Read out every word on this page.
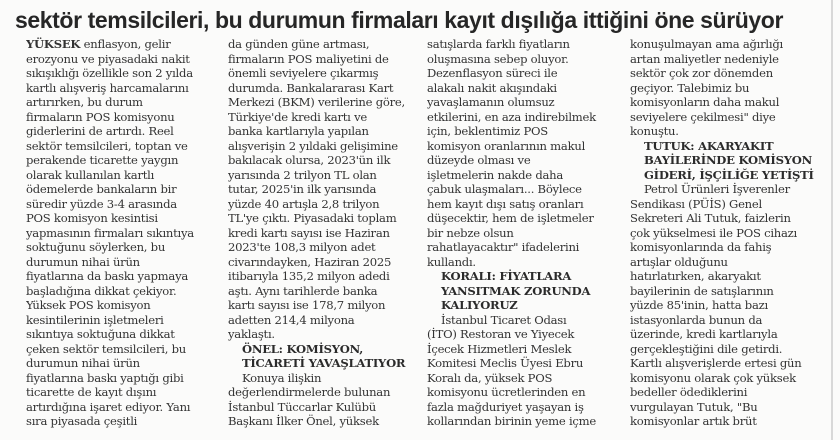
sektör temsilcileri, bu durumun firmaları kayıt dışılığa ittiğini öne sürüyor
YÜKSEK enflasyon, gelir
erozyonu ve piyasadaki nakit
sıkışıklığı özellikle son 2 yılda
kartlı alışveriş harcamalarını
artırırken, bu durum
firmaların POS komisyonu
giderlerini de artırdı. Reel
sektör temsilcileri, toptan ve
perakende ticarette yaygın
olarak kullanılan kartlı
ödemelerde bankaların bir
süredir yüzde 3-4 arasında
POS komisyon kesintisi
yapmasının firmaları sıkıntıya
soktuğunu söylerken, bu
durumun nihai ürün
fiyatlarına da baskı yapmaya
başladığına dikkat çekiyor.
Yüksek POS komisyon
kesintilerinin işletmeleri
sıkıntıya soktuğuna dikkat
çeken sektör temsilcileri, bu
durumun nihai ürün
fiyatlarına baskı yaptığı gibi
ticarette de kayıt dışını
artırdığına işaret ediyor. Yanı
sıra piyasada çeşitli
da günden güne artması,
firmaların POS maliyetini de
önemli seviyelere çıkarmış
durumda. Bankalararası Kart
Merkezi (BKM) verilerine göre,
Türkiye'de kredi kartı ve
banka kartlarıyla yapılan
alışverişin 2 yıldaki gelişimine
bakılacak olursa, 2023'ün ilk
yarısında 2 trilyon TL olan
tutar, 2025'in ilk yarısında
yüzde 40 artışla 2,8 trilyon
TL'ye çıktı. Piyasadaki toplam
kredi kartı sayısı ise Haziran
2023'te 108,3 milyon adet
civarındayken, Haziran 2025
itibarıyla 135,2 milyon adedi
aştı. Aynı tarihlerde banka
kartı sayısı ise 178,7 milyon
adetten 214,4 milyona
yaklaştı.
ÖNEL: KOMİSYON,
TİCARETİ YAVAŞLATIYOR
Konuya ilişkin
değerlendirmelerde bulunan
İstanbul Tüccarlar Kulübü
Başkanı İlker Önel, yüksek
satışlarda farklı fiyatların
oluşmasına sebep oluyor.
Dezenflasyon süreci ile
alakalı nakit akışındaki
yavaşlamanın olumsuz
etkilerini, en aza indirebilmek
için, beklentimiz POS
komisyon oranlarının makul
düzeyde olması ve
işletmelerin nakde daha
çabuk ulaşmaları... Böylece
hem kayıt dışı satış oranları
düşecektir, hem de işletmeler
bir nebze olsun
rahatlayacaktır" ifadelerini
kullandı.
KORALI: FİYATLARA
YANSITMAK ZORUNDA
KALIYORUZ
İstanbul Ticaret Odası
(İTO) Restoran ve Yiyecek
İçecek Hizmetleri Meslek
Komitesi Meclis Üyesi Ebru
Koralı da, yüksek POS
komisyonu ücretlerinden en
fazla mağduriyet yaşayan iş
kollarından birinin yeme içme
konuşulmayan ama ağırlığı
artan maliyetler nedeniyle
sektör çok zor dönemden
geçiyor. Talebimiz bu
komisyonların daha makul
seviyelere çekilmesi" diye
konuştu.
TUTUK: AKARYAKIT
BAYİLERİNDE KOMİSYON
GİDERİ, İŞÇİLİĞE YETİŞTİ
Petrol Ürünleri İşverenler
Sendikası (PÜİS) Genel
Sekreteri Ali Tutuk, faizlerin
çok yükselmesi ile POS cihazı
komisyonlarında da fahiş
artışlar olduğunu
hatırlatırken, akaryakıt
bayilerinin de satışlarının
yüzde 85'inin, hatta bazı
istasyonlarda bunun da
üzerinde, kredi kartlarıyla
gerçekleştiğini dile getirdi.
Kartlı alışverişlerde ertesi gün
komisyonu olarak çok yüksek
bedeller ödediklerini
vurgulayan Tutuk, "Bu
komisyonlar artık brüt
